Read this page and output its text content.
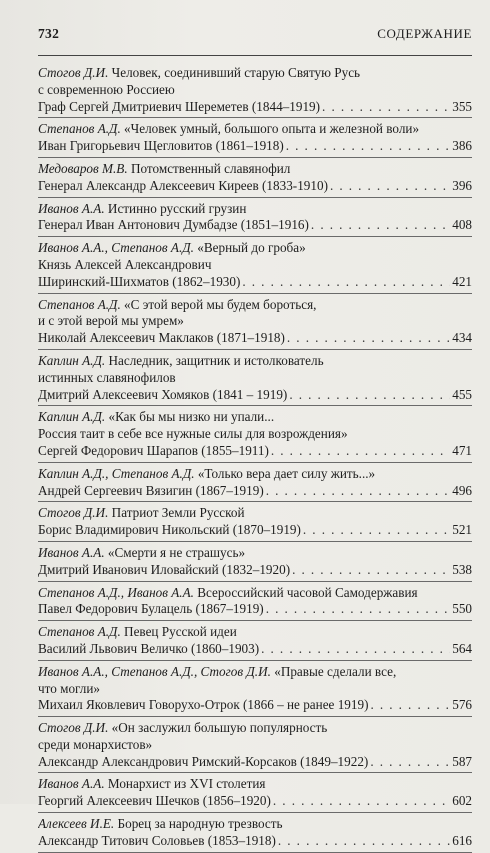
732	СОДЕРЖАНИЕ
Стогов Д.И. Человек, соединивший старую Святую Русь
с современною Россиею
Граф Сергей Дмитриевич Шереметев (1844–1919) . . .	355
Степанов А.Д. «Человек умный, большого опыта и железной воли»
Иван Григорьевич Щегловитов (1861–1918) . . .	386
Медоваров М.В. Потомственный славянофил
Генерал Александр Алексеевич Киреев (1833-1910) . . .	396
Иванов А.А. Истинно русский грузин
Генерал Иван Антонович Думбадзе (1851–1916) . . .	408
Иванов А.А., Степанов А.Д. «Верный до гроба»
Князь Алексей Александрович
Ширинский-Шихматов (1862–1930) . . .	421
Степанов А.Д. «С этой верой мы будем бороться,
и с этой верой мы умрем»
Николай Алексеевич Маклаков (1871–1918) . . .	434
Каплин А.Д. Наследник, защитник и истолкователь
истинных славянофилов
Дмитрий Алексеевич Хомяков (1841 – 1919) . . .	455
Каплин А.Д. «Как бы мы низко ни упали...
Россия таит в себе все нужные силы для возрождения»
Сергей Федорович Шарапов (1855–1911) . . .	471
Каплин А.Д., Степанов А.Д. «Только вера дает силу жить...»
Андрей Сергеевич Вязигин (1867–1919) . . .	496
Стогов Д.И. Патриот Земли Русской
Борис Владимирович Никольский (1870–1919) . . .	521
Иванов А.А. «Смерти я не страшусь»
Дмитрий Иванович Иловайский (1832–1920) . . .	538
Степанов А.Д., Иванов А.А. Всероссийский часовой Самодержавия
Павел Федорович Булацель (1867–1919) . . .	550
Степанов А.Д. Певец Русской идеи
Василий Львович Величко (1860–1903) . . .	564
Иванов А.А., Степанов А.Д., Стогов Д.И. «Правые сделали все,
что могли»
Михаил Яковлевич Говорухо-Отрок (1866 – не ранее 1919) . . .	576
Стогов Д.И. «Он заслужил большую популярность
среди монархистов»
Александр Александрович Римский-Корсаков (1849–1922) . . .	587
Иванов А.А. Монархист из XVI столетия
Георгий Алексеевич Шечков (1856–1920) . . .	602
Алексеев И.Е. Борец за народную трезвость
Александр Титович Соловьев (1853–1918) . . .	616
